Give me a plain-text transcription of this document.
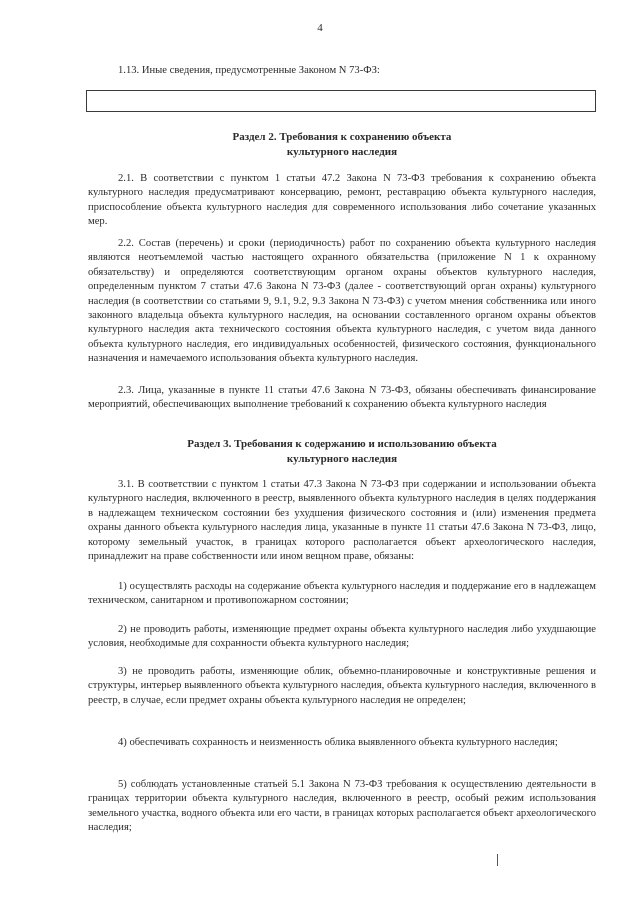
4

1.13. Иные сведения, предусмотренные Законом N 73-ФЗ:

Раздел 2. Требования к сохранению объекта
культурного наследия

2.1. В соответствии с пунктом 1 статьи 47.2 Закона N 73-ФЗ требования к сохранению объекта культурного наследия предусматривают консервацию, ремонт, реставрацию объекта культурного наследия, приспособление объекта культурного наследия для современного использования либо сочетание указанных мер.

2.2. Состав (перечень) и сроки (периодичность) работ по сохранению объекта культурного наследия являются неотъемлемой частью настоящего охранного обязательства (приложение N 1 к охранному обязательству) и определяются соответствующим органом охраны объектов культурного наследия, определенным пунктом 7 статьи 47.6 Закона N 73-ФЗ (далее - соответствующий орган охраны) культурного наследия (в соответствии со статьями 9, 9.1, 9.2, 9.3 Закона N 73-ФЗ) с учетом мнения собственника или иного законного владельца объекта культурного наследия, на основании составленного органом охраны объектов культурного наследия акта технического состояния объекта культурного наследия, с учетом вида данного объекта культурного наследия, его индивидуальных особенностей, физического состояния, функционального назначения и намечаемого использования объекта культурного наследия.

2.3. Лица, указанные в пункте 11 статьи 47.6 Закона N 73-ФЗ, обязаны обеспечивать финансирование мероприятий, обеспечивающих выполнение требований к сохранению объекта культурного наследия

Раздел 3. Требования к содержанию и использованию объекта
культурного наследия

3.1. В соответствии с пунктом 1 статьи 47.3 Закона N 73-ФЗ при содержании и использовании объекта культурного наследия, включенного в реестр, выявленного объекта культурного наследия в целях поддержания в надлежащем техническом состоянии без ухудшения физического состояния и (или) изменения предмета охраны данного объекта культурного наследия лица, указанные в пункте 11 статьи 47.6 Закона N 73-ФЗ, лицо, которому земельный участок, в границах которого располагается объект археологического наследия, принадлежит на праве собственности или ином вещном праве, обязаны:

1) осуществлять расходы на содержание объекта культурного наследия и поддержание его в надлежащем техническом, санитарном и противопожарном состоянии;

2) не проводить работы, изменяющие предмет охраны объекта культурного наследия либо ухудшающие условия, необходимые для сохранности объекта культурного наследия;

3) не проводить работы, изменяющие облик, объемно-планировочные и конструктивные решения и структуры, интерьер выявленного объекта культурного наследия, объекта культурного наследия, включенного в реестр, в случае, если предмет охраны объекта культурного наследия не определен;

4) обеспечивать сохранность и неизменность облика выявленного объекта культурного наследия;

5) соблюдать установленные статьей 5.1 Закона N 73-ФЗ требования к осуществлению деятельности в границах территории объекта культурного наследия, включенного в реестр, особый режим использования земельного участка, водного объекта или его части, в границах которых располагается объект археологического наследия;
